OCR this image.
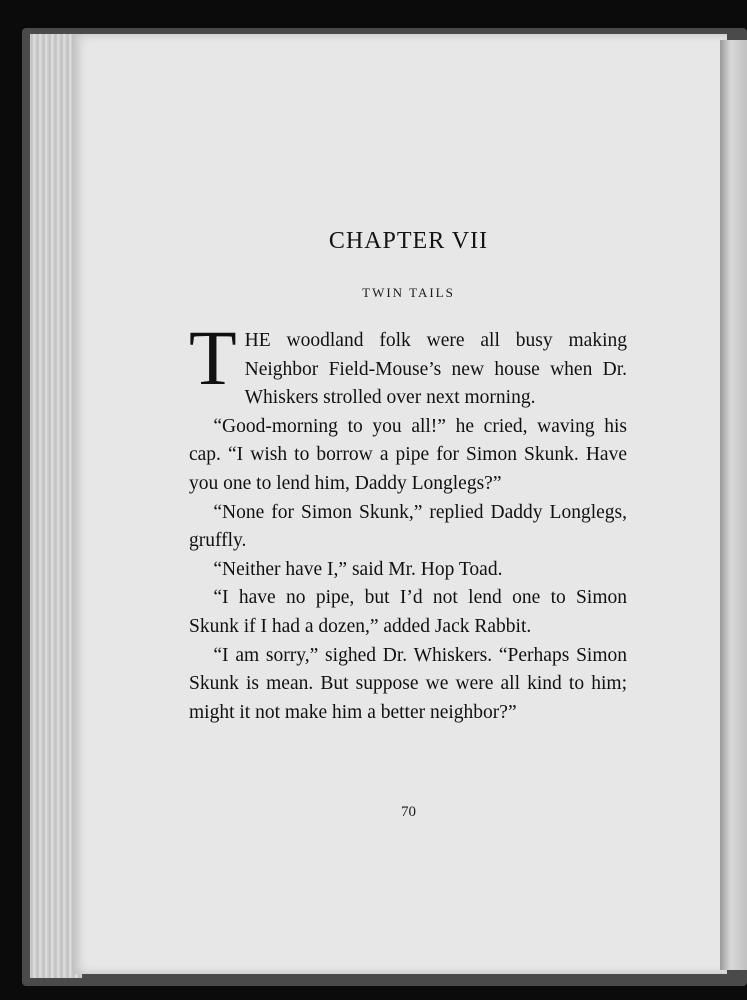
CHAPTER VII
TWIN TAILS

THE woodland folk were all busy making Neighbor Field-Mouse’s new house when Dr. Whiskers strolled over next morning.

“Good-morning to you all!” he cried, waving his cap. “I wish to borrow a pipe for Simon Skunk. Have you one to lend him, Daddy Longlegs?”

“None for Simon Skunk,” replied Daddy Longlegs, gruffly.

“Neither have I,” said Mr. Hop Toad.

“I have no pipe, but I’d not lend one to Simon Skunk if I had a dozen,” added Jack Rabbit.

“I am sorry,” sighed Dr. Whiskers. “Perhaps Simon Skunk is mean. But suppose we were all kind to him; might it not make him a better neighbor?”

70
